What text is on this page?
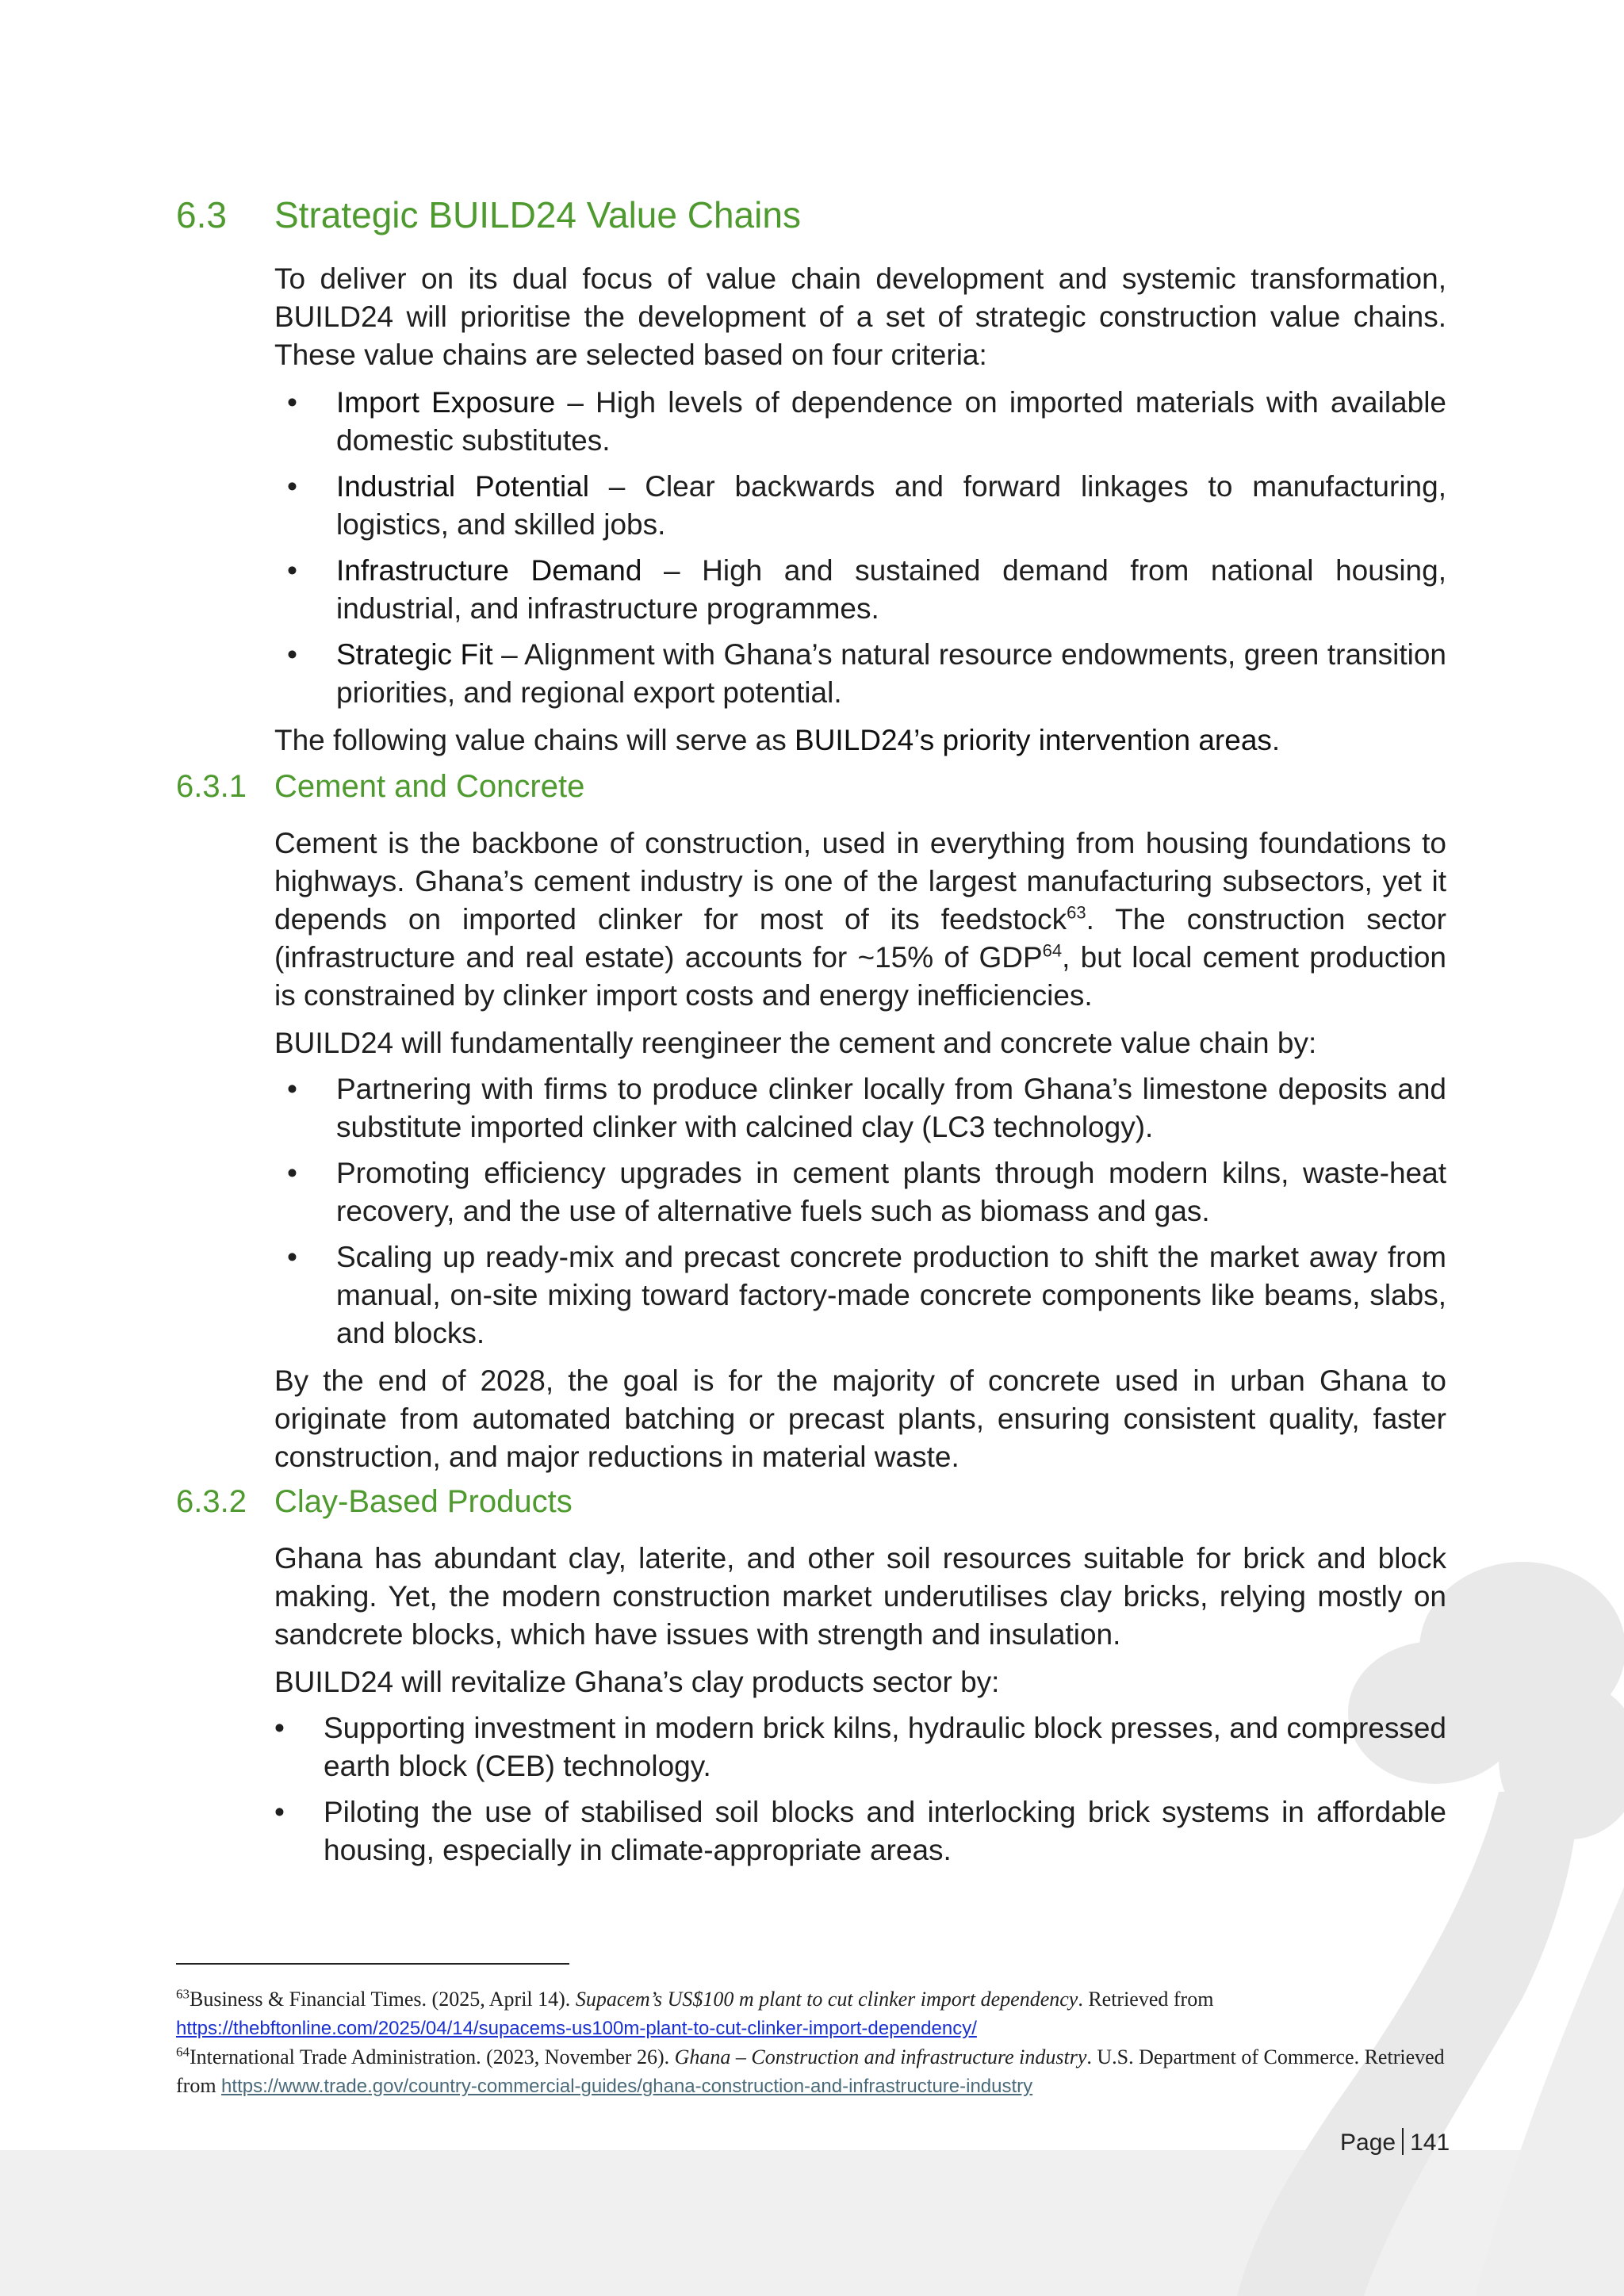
6.3 Strategic BUILD24 Value Chains

To deliver on its dual focus of value chain development and systemic transformation, BUILD24 will prioritise the development of a set of strategic construction value chains. These value chains are selected based on four criteria:

• Import Exposure – High levels of dependence on imported materials with available domestic substitutes.
• Industrial Potential – Clear backwards and forward linkages to manufacturing, logistics, and skilled jobs.
• Infrastructure Demand – High and sustained demand from national housing, industrial, and infrastructure programmes.
• Strategic Fit – Alignment with Ghana’s natural resource endowments, green transition priorities, and regional export potential.

The following value chains will serve as BUILD24’s priority intervention areas.

6.3.1 Cement and Concrete

Cement is the backbone of construction, used in everything from housing foundations to highways. Ghana’s cement industry is one of the largest manufacturing subsectors, yet it depends on imported clinker for most of its feedstock$^{63}$. The construction sector (infrastructure and real estate) accounts for ~15% of GDP$^{64}$, but local cement production is constrained by clinker import costs and energy inefficiencies.

BUILD24 will fundamentally reengineer the cement and concrete value chain by:

• Partnering with firms to produce clinker locally from Ghana’s limestone deposits and substitute imported clinker with calcined clay (LC3 technology).
• Promoting efficiency upgrades in cement plants through modern kilns, waste-heat recovery, and the use of alternative fuels such as biomass and gas.
• Scaling up ready-mix and precast concrete production to shift the market away from manual, on-site mixing toward factory-made concrete components like beams, slabs, and blocks.

By the end of 2028, the goal is for the majority of concrete used in urban Ghana to originate from automated batching or precast plants, ensuring consistent quality, faster construction, and major reductions in material waste.

6.3.2 Clay-Based Products

Ghana has abundant clay, laterite, and other soil resources suitable for brick and block making. Yet, the modern construction market underutilises clay bricks, relying mostly on sandcrete blocks, which have issues with strength and insulation.

BUILD24 will revitalize Ghana’s clay products sector by:

• Supporting investment in modern brick kilns, hydraulic block presses, and compressed earth block (CEB) technology.
• Piloting the use of stabilised soil blocks and interlocking brick systems in affordable housing, especially in climate-appropriate areas.

$^{63}$Business & Financial Times. (2025, April 14). Supacem’s US$100 m plant to cut clinker import dependency. Retrieved from https://thebftonline.com/2025/04/14/supacems-us100m-plant-to-cut-clinker-import-dependency/

$^{64}$International Trade Administration. (2023, November 26). Ghana – Construction and infrastructure industry. U.S. Department of Commerce. Retrieved from https://www.trade.gov/country-commercial-guides/ghana-construction-and-infrastructure-industry

Page 141
